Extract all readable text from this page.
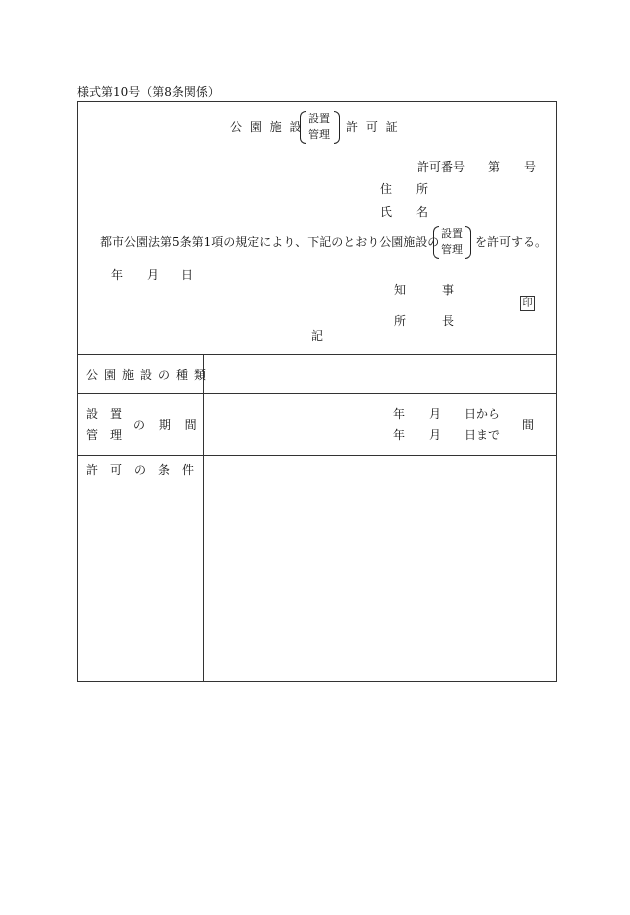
様式第10号（第8条関係）
公 園 施 設
設置
管理
許 可 証
許可番号 第 号
住　　所
氏　　名
都市公園法第5条第1項の規定により、下記のとおり公園施設の
設置
管理
を許可する。
年 月 日
知　　　事
印
所　　　長
記
公園施設の種類
設　置
管　理
の 期 間
年 月 日から
年 月 日まで
間
許可の条件
